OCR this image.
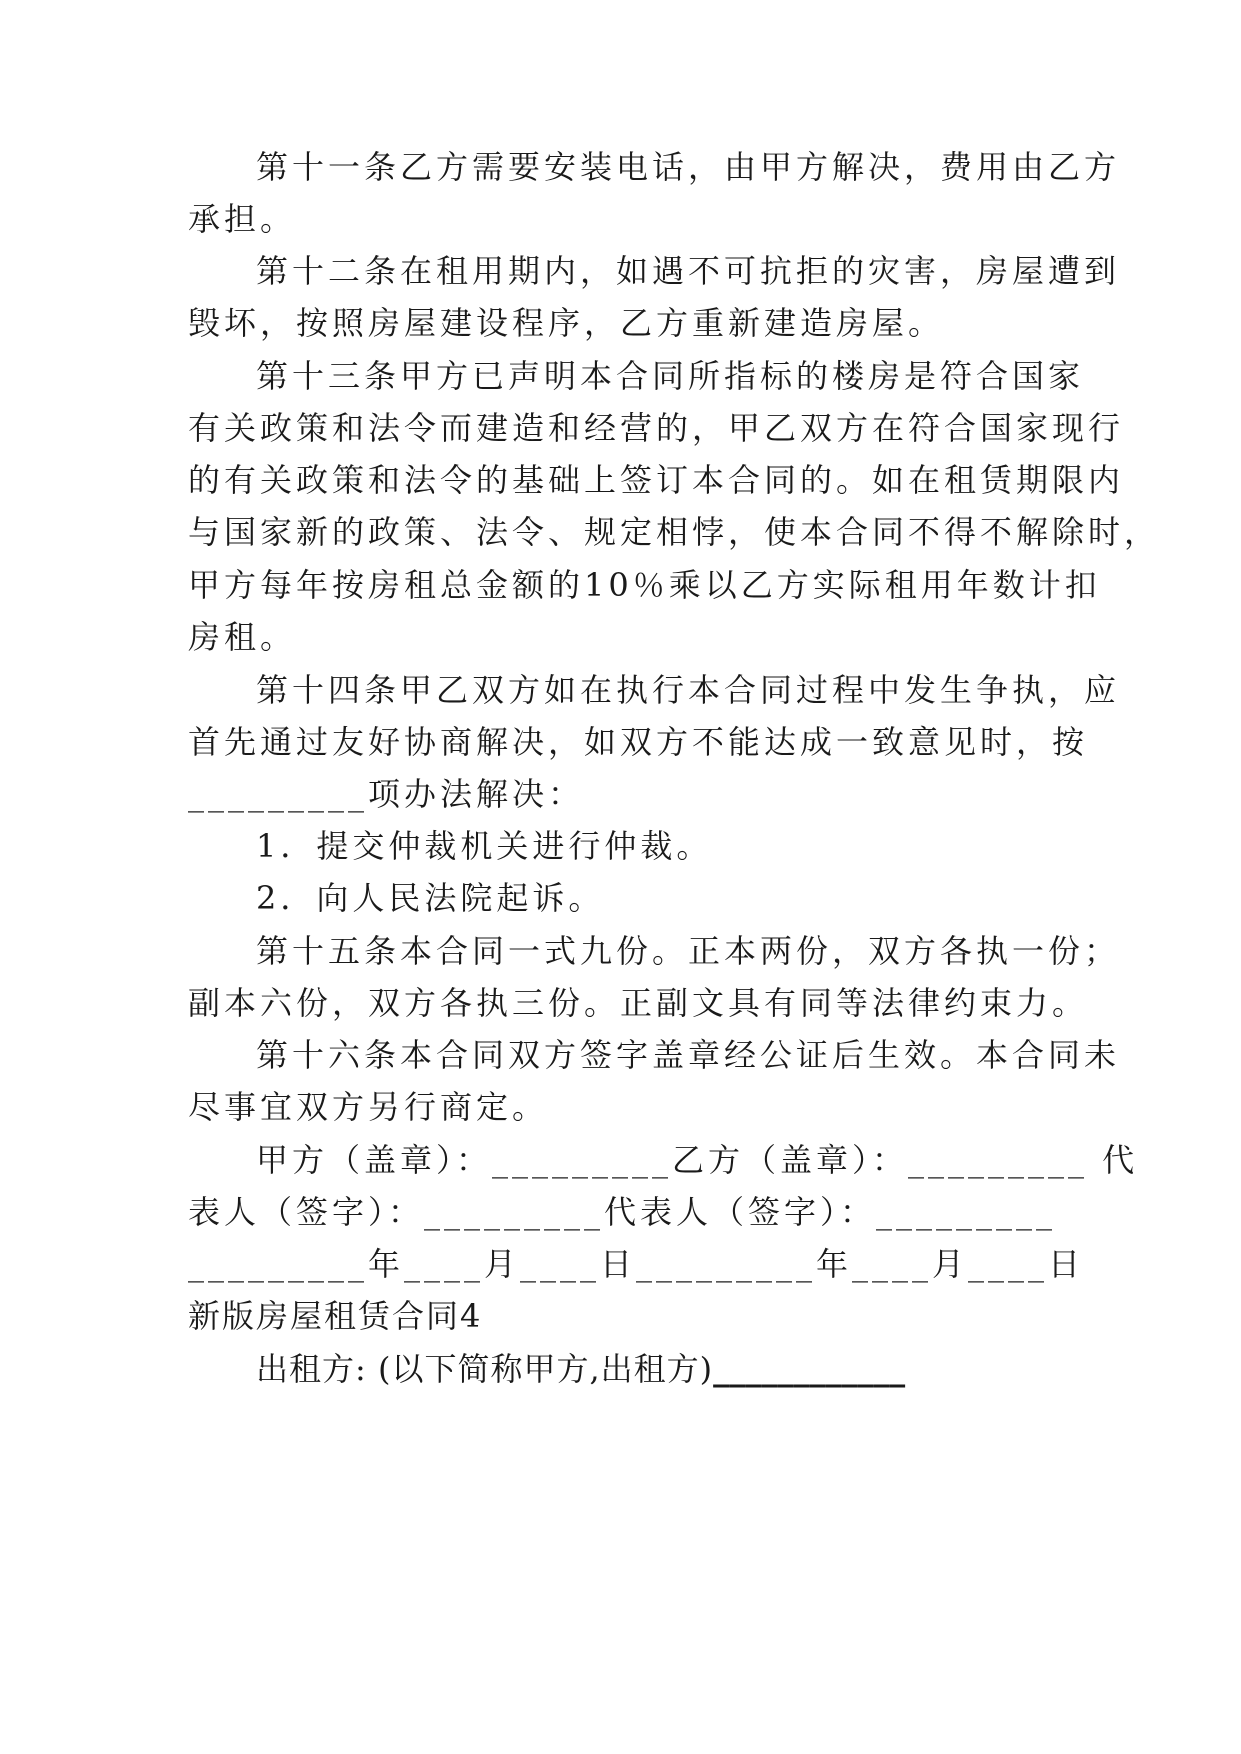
第十一条乙方需要安装电话，由甲方解决，费用由乙方
承担。
第十二条在租用期内，如遇不可抗拒的灾害，房屋遭到
毁坏，按照房屋建设程序，乙方重新建造房屋。
第十三条甲方已声明本合同所指标的楼房是符合国家
有关政策和法令而建造和经营的，甲乙双方在符合国家现行
的有关政策和法令的基础上签订本合同的。如在租赁期限内
与国家新的政策、法令、规定相悖，使本合同不得不解除时，
甲方每年按房租总金额的10％乘以乙方实际租用年数计扣
房租。
第十四条甲乙双方如在执行本合同过程中发生争执，应
首先通过友好协商解决，如双方不能达成一致意见时，按
_________项办法解决：
1．提交仲裁机关进行仲裁。
2．向人民法院起诉。
第十五条本合同一式九份。正本两份，双方各执一份；
副本六份，双方各执三份。正副文具有同等法律约束力。
第十六条本合同双方签字盖章经公证后生效。本合同未
尽事宜双方另行商定。
甲方（盖章）：_________乙方（盖章）：_________ 代
表人（签字）：_________代表人（签字）：_________
_________年____月____日_________年____月____日
新版房屋租赁合同4
出租方: (以下简称甲方,出租方)____________
